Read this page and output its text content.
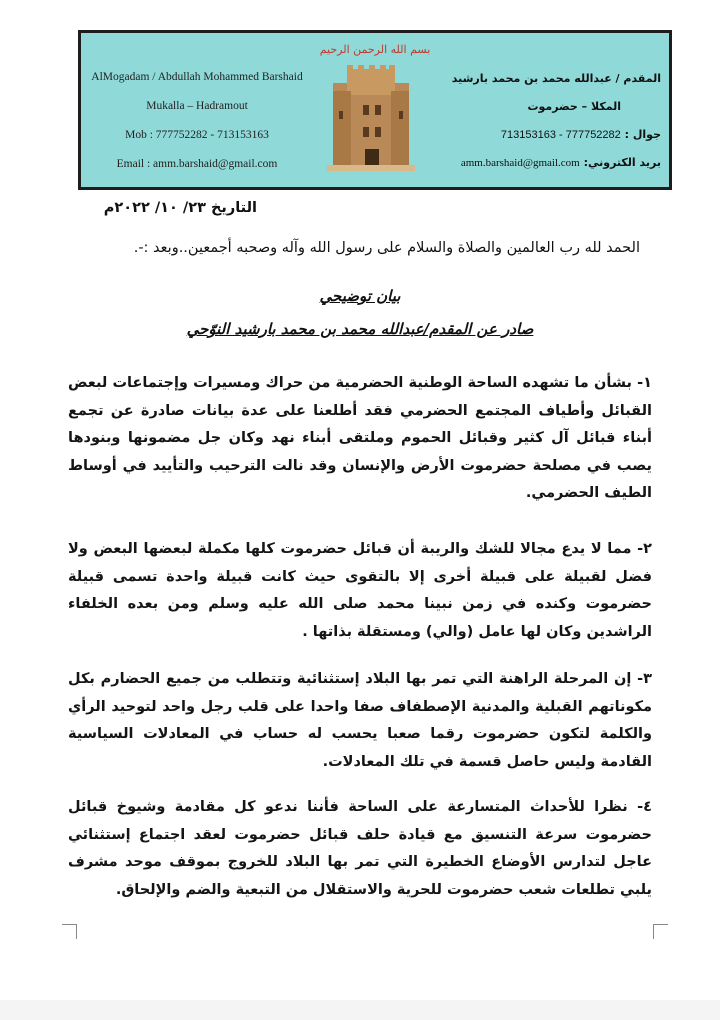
بسم الله الرحمن الرحيم
AlMogadam / Abdullah Mohammed Barshaid
Mukalla – Hadramout
Mob : 777752282 - 713153163
Email : amm.barshaid@gmail.com
المقدم / عبدالله محمد بن محمد بارشيد
المكلا – حضرموت
جوال : 777752282 - 713153163
بريد الكتروني: amm.barshaid@gmail.com
التاريخ ٢٣/ ١٠/ ٢٠٢٢م
الحمد لله رب العالمين والصلاة والسلام على رسول الله وآله وصحبه أجمعين..وبعد :-.
بيان توضيحي
صادر عن المقدم/عبدالله محمد بن محمد بارشيد النوّحي
١- بشأن ما تشهده الساحة الوطنية الحضرمية من حراك ومسيرات وإجتماعات لبعض القبائل وأطياف المجتمع الحضرمي فقد أطلعنا على عدة بيانات صادرة عن تجمع أبناء قبائل آل كثير وقبائل الحموم وملتقى أبناء نهد وكان جل مضمونها وبنودها يصب في مصلحة حضرموت الأرض والإنسان وقد نالت الترحيب والتأييد في أوساط الطيف الحضرمي.
٢- مما لا يدع مجالا للشك والريبة أن قبائل حضرموت كلها مكملة لبعضها البعض ولا فضل لقبيلة على قبيلة أخرى إلا بالتقوى حيث كانت قبيلة واحدة تسمى قبيلة حضرموت وكنده في زمن نبينا محمد صلى الله عليه وسلم ومن بعده الخلفاء الراشدين وكان لها عامل (والي) ومستقلة بذاتها .
٣- إن المرحلة الراهنة التي تمر بها البلاد إستثنائية وتتطلب من جميع الحضارم بكل مكوناتهم القبلية والمدنية الإصطفاف صفا واحدا على قلب رجل واحد لتوحيد الرأي والكلمة لتكون حضرموت رقما صعبا يحسب له حساب في المعادلات السياسية القادمة وليس حاصل قسمة في تلك المعادلات.
٤- نظرا للأحداث المتسارعة على الساحة فأننا ندعو كل مقادمة وشيوخ قبائل حضرموت سرعة التنسيق مع قيادة حلف قبائل حضرموت لعقد اجتماع إستثنائي عاجل لتدارس الأوضاع الخطيرة التي تمر بها البلاد للخروج بموقف موحد مشرف يلبي تطلعات شعب حضرموت للحرية والاستقلال من التبعية والضم والإلحاق.
